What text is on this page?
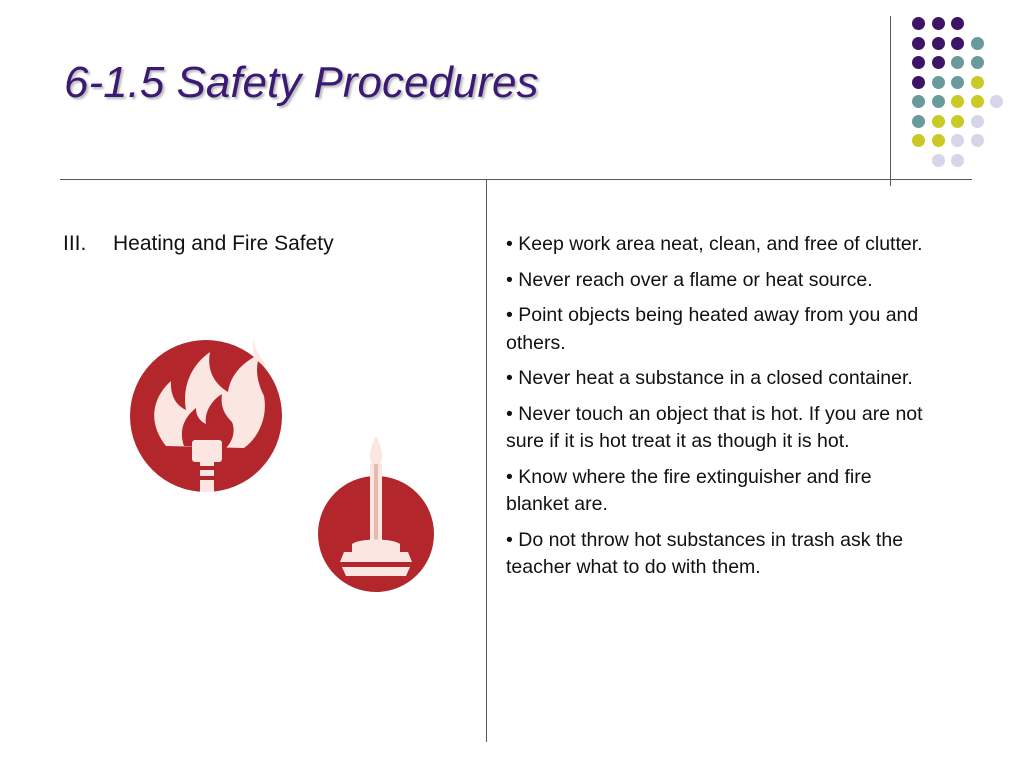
6-1.5 Safety Procedures
III. Heating and Fire Safety	• Keep work area neat, clean, and free of clutter.
• Never reach over a flame or heat source.
• Point objects being heated away from you and others.
• Never heat a substance in a closed container.
• Never touch an object that is hot. If you are not sure if it is hot treat it as though it is hot.
• Know where the fire extinguisher and fire blanket are.
• Do not throw hot substances in trash ask the teacher what to do with them.
